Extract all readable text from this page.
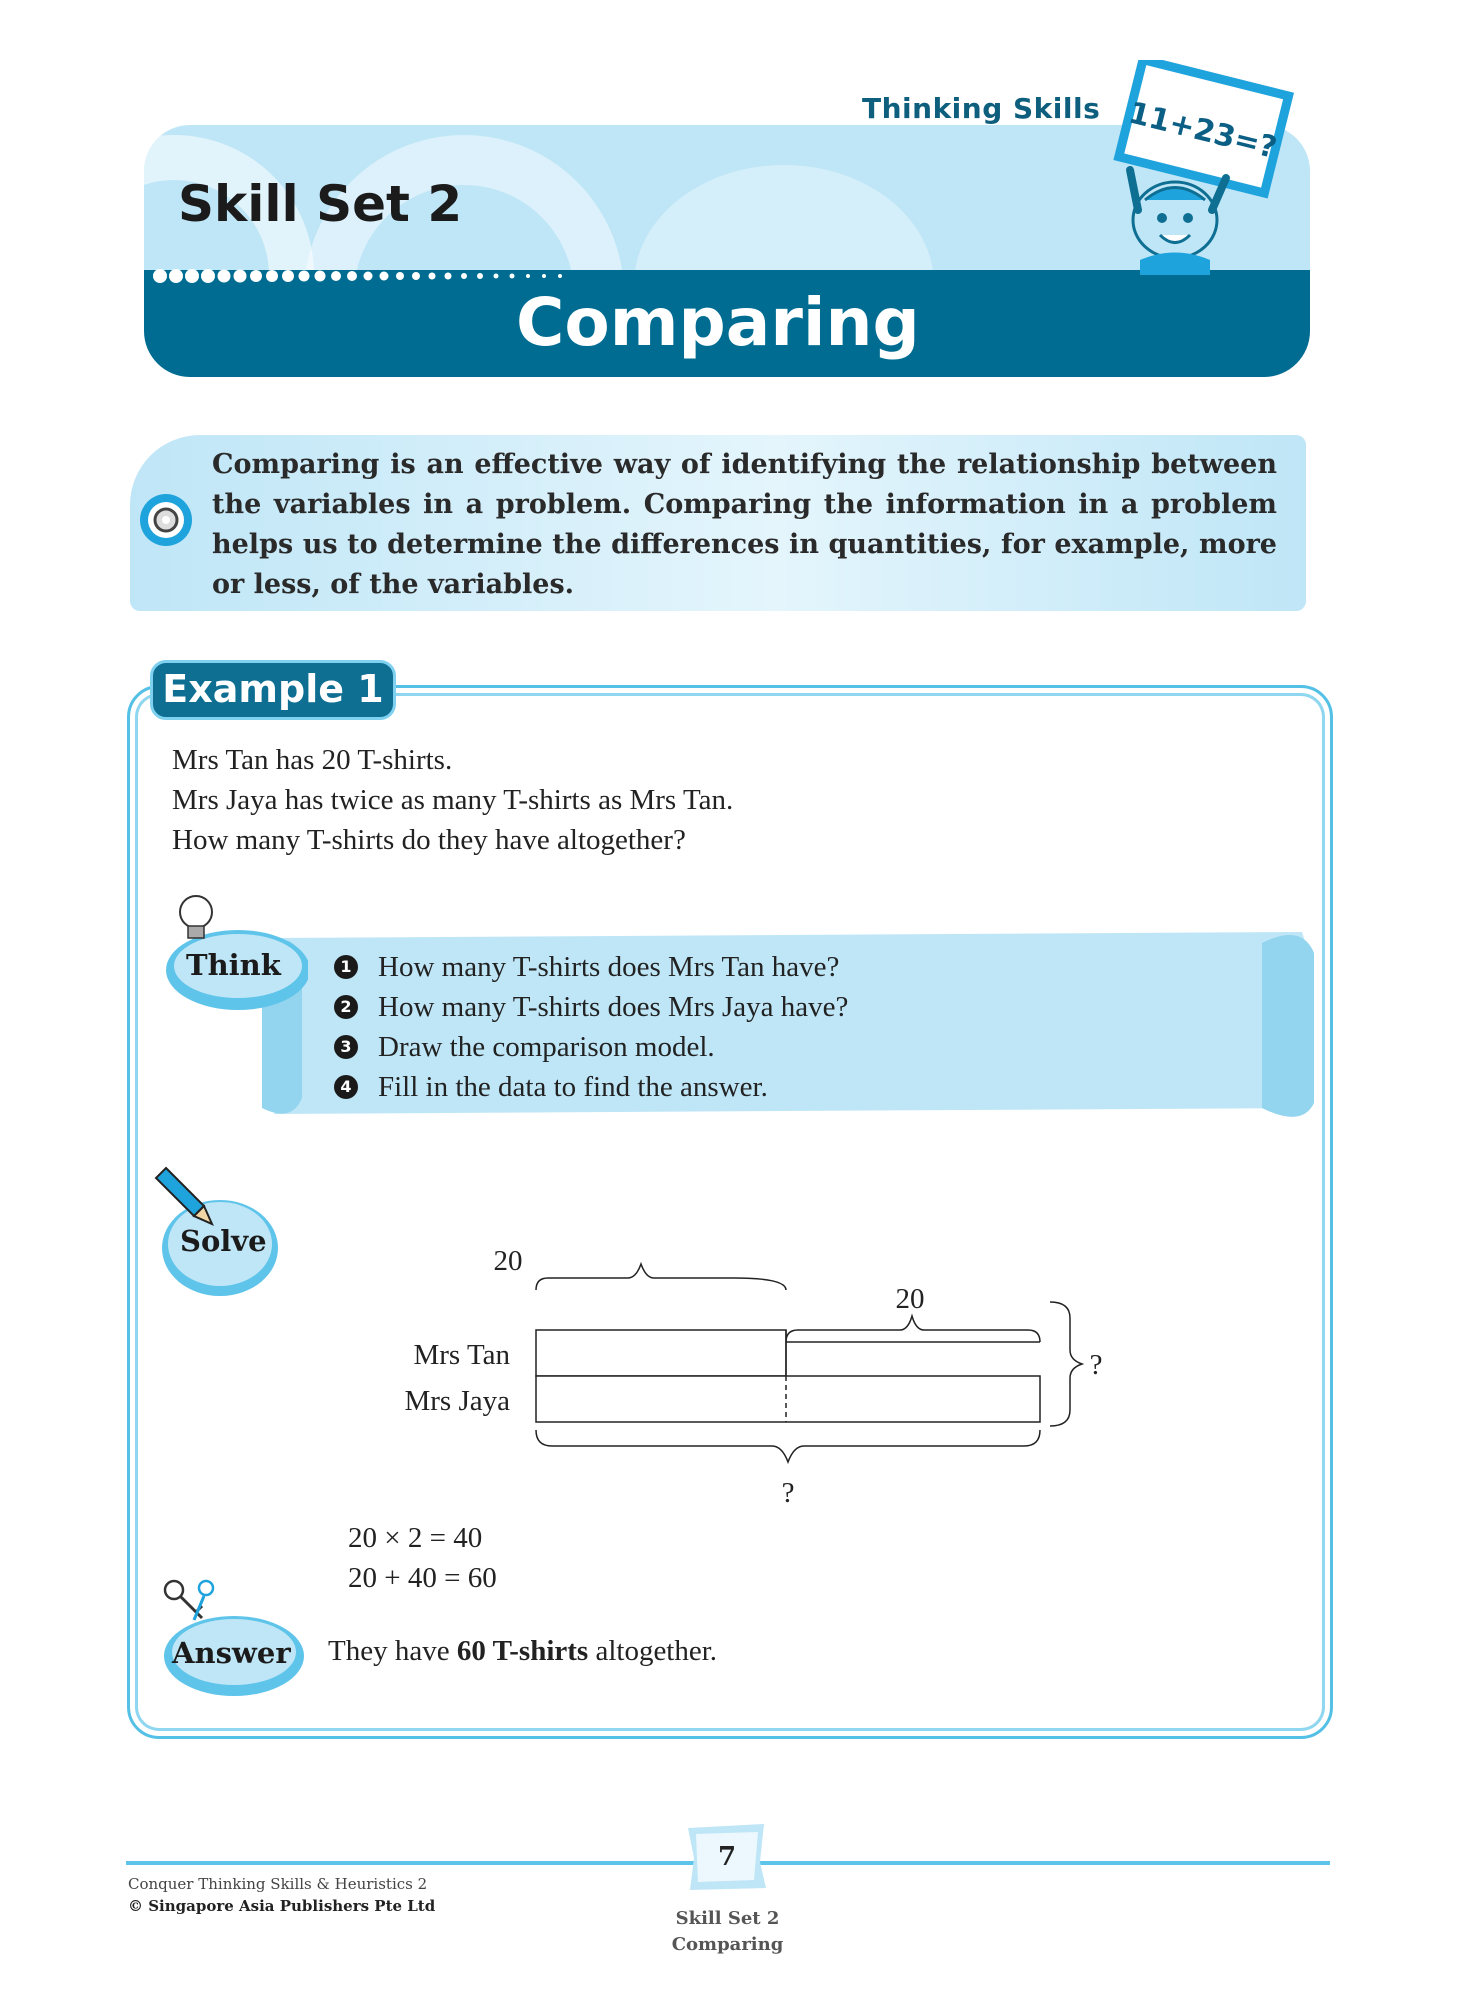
Thinking Skills
Skill Set 2
Comparing
11+23=?
Comparing is an effective way of identifying the relationship between the variables in a problem. Comparing the information in a problem helps us to determine the differences in quantities, for example, more or less, of the variables.
Example 1
Mrs Tan has 20 T-shirts.
Mrs Jaya has twice as many T-shirts as Mrs Tan.
How many T-shirts do they have altogether?
Think	1 How many T-shirts does Mrs Tan have?
2 How many T-shirts does Mrs Jaya have?
3 Draw the comparison model.
4 Fill in the data to find the answer.
Solve
20
20
Mrs Tan
Mrs Jaya
?
?
20 × 2 = 40
20 + 40 = 60
Answer They have 60 T-shirts altogether.
Conquer Thinking Skills & Heuristics 2
© Singapore Asia Publishers Pte Ltd
7
Skill Set 2
Comparing
